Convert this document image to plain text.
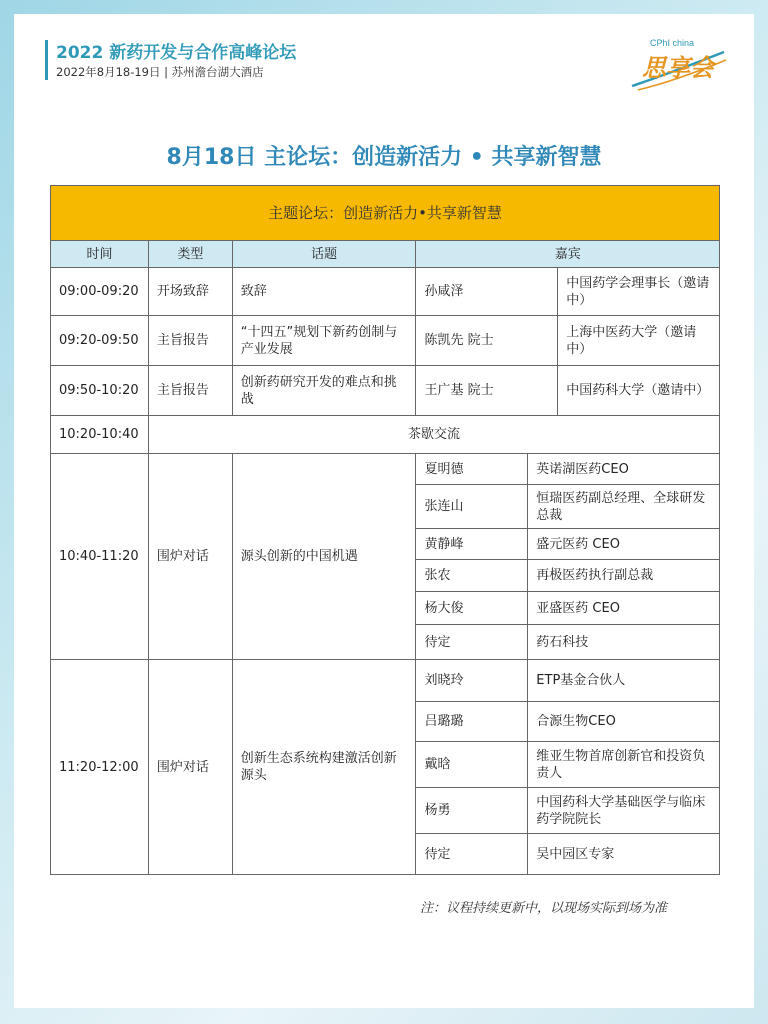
2022 新药开发与合作高峰论坛
2022年8月18-19日 | 苏州澹台湖大酒店
CPhI china
思享会
8月18日 主论坛：创造新活力 • 共享新智慧
主题论坛：创造新活力•共享新智慧					
时间	类型	话题	嘉宾		
09:00-09:20	开场致辞	致辞	孙咸泽		中国药学会理事长（邀请中）
09:20-09:50	主旨报告	“十四五”规划下新药创制与产业发展	陈凯先 院士		上海中医药大学（邀请中）
09:50-10:20	主旨报告	创新药研究开发的难点和挑战	王广基 院士		中国药科大学（邀请中）
10:20-10:40	茶歇交流				
10:40-11:20	围炉对话	源头创新的中国机遇	夏明德	英诺湖医药CEO	
			张连山	恒瑞医药副总经理、全球研发总裁	
			黄静峰	盛元医药 CEO	
			张农	再极医药执行副总裁	
			杨大俊	亚盛医药 CEO	
			待定	药石科技	
11:20-12:00	围炉对话	创新生态系统构建激活创新源头	刘晓玲	ETP基金合伙人	
			吕璐璐	合源生物CEO	
			戴晗	维亚生物首席创新官和投资负责人	
			杨勇	中国药科大学基础医学与临床药学院院长	
			待定	吴中园区专家	
注：议程持续更新中，以现场实际到场为准
